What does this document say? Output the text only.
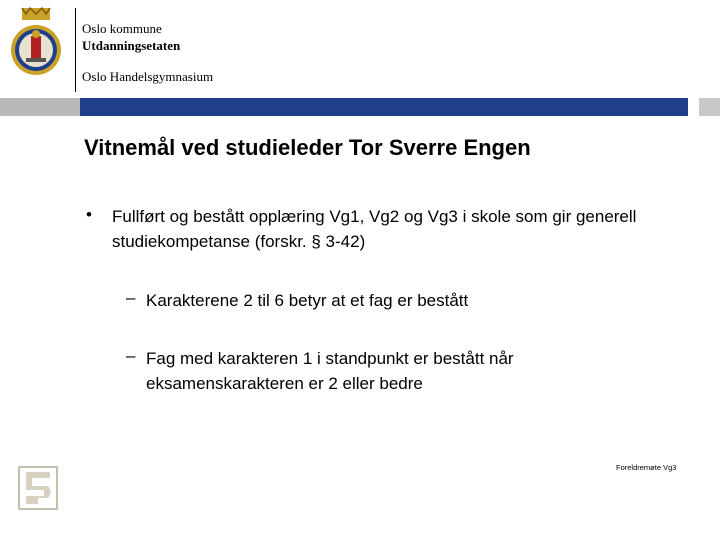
Oslo kommune
Utdanningsetaten
Oslo Handelsgymnasium
Vitnemål ved studieleder Tor Sverre Engen
• Fullført og bestått opplæring Vg1, Vg2 og Vg3 i skole som gir generell studiekompetanse (forskr. § 3-42)
– Karakterene 2 til 6 betyr at et fag er bestått
– Fag med karakteren 1 i standpunkt er bestått når eksamenskarakteren er 2 eller bedre
Foreldremøte Vg3
